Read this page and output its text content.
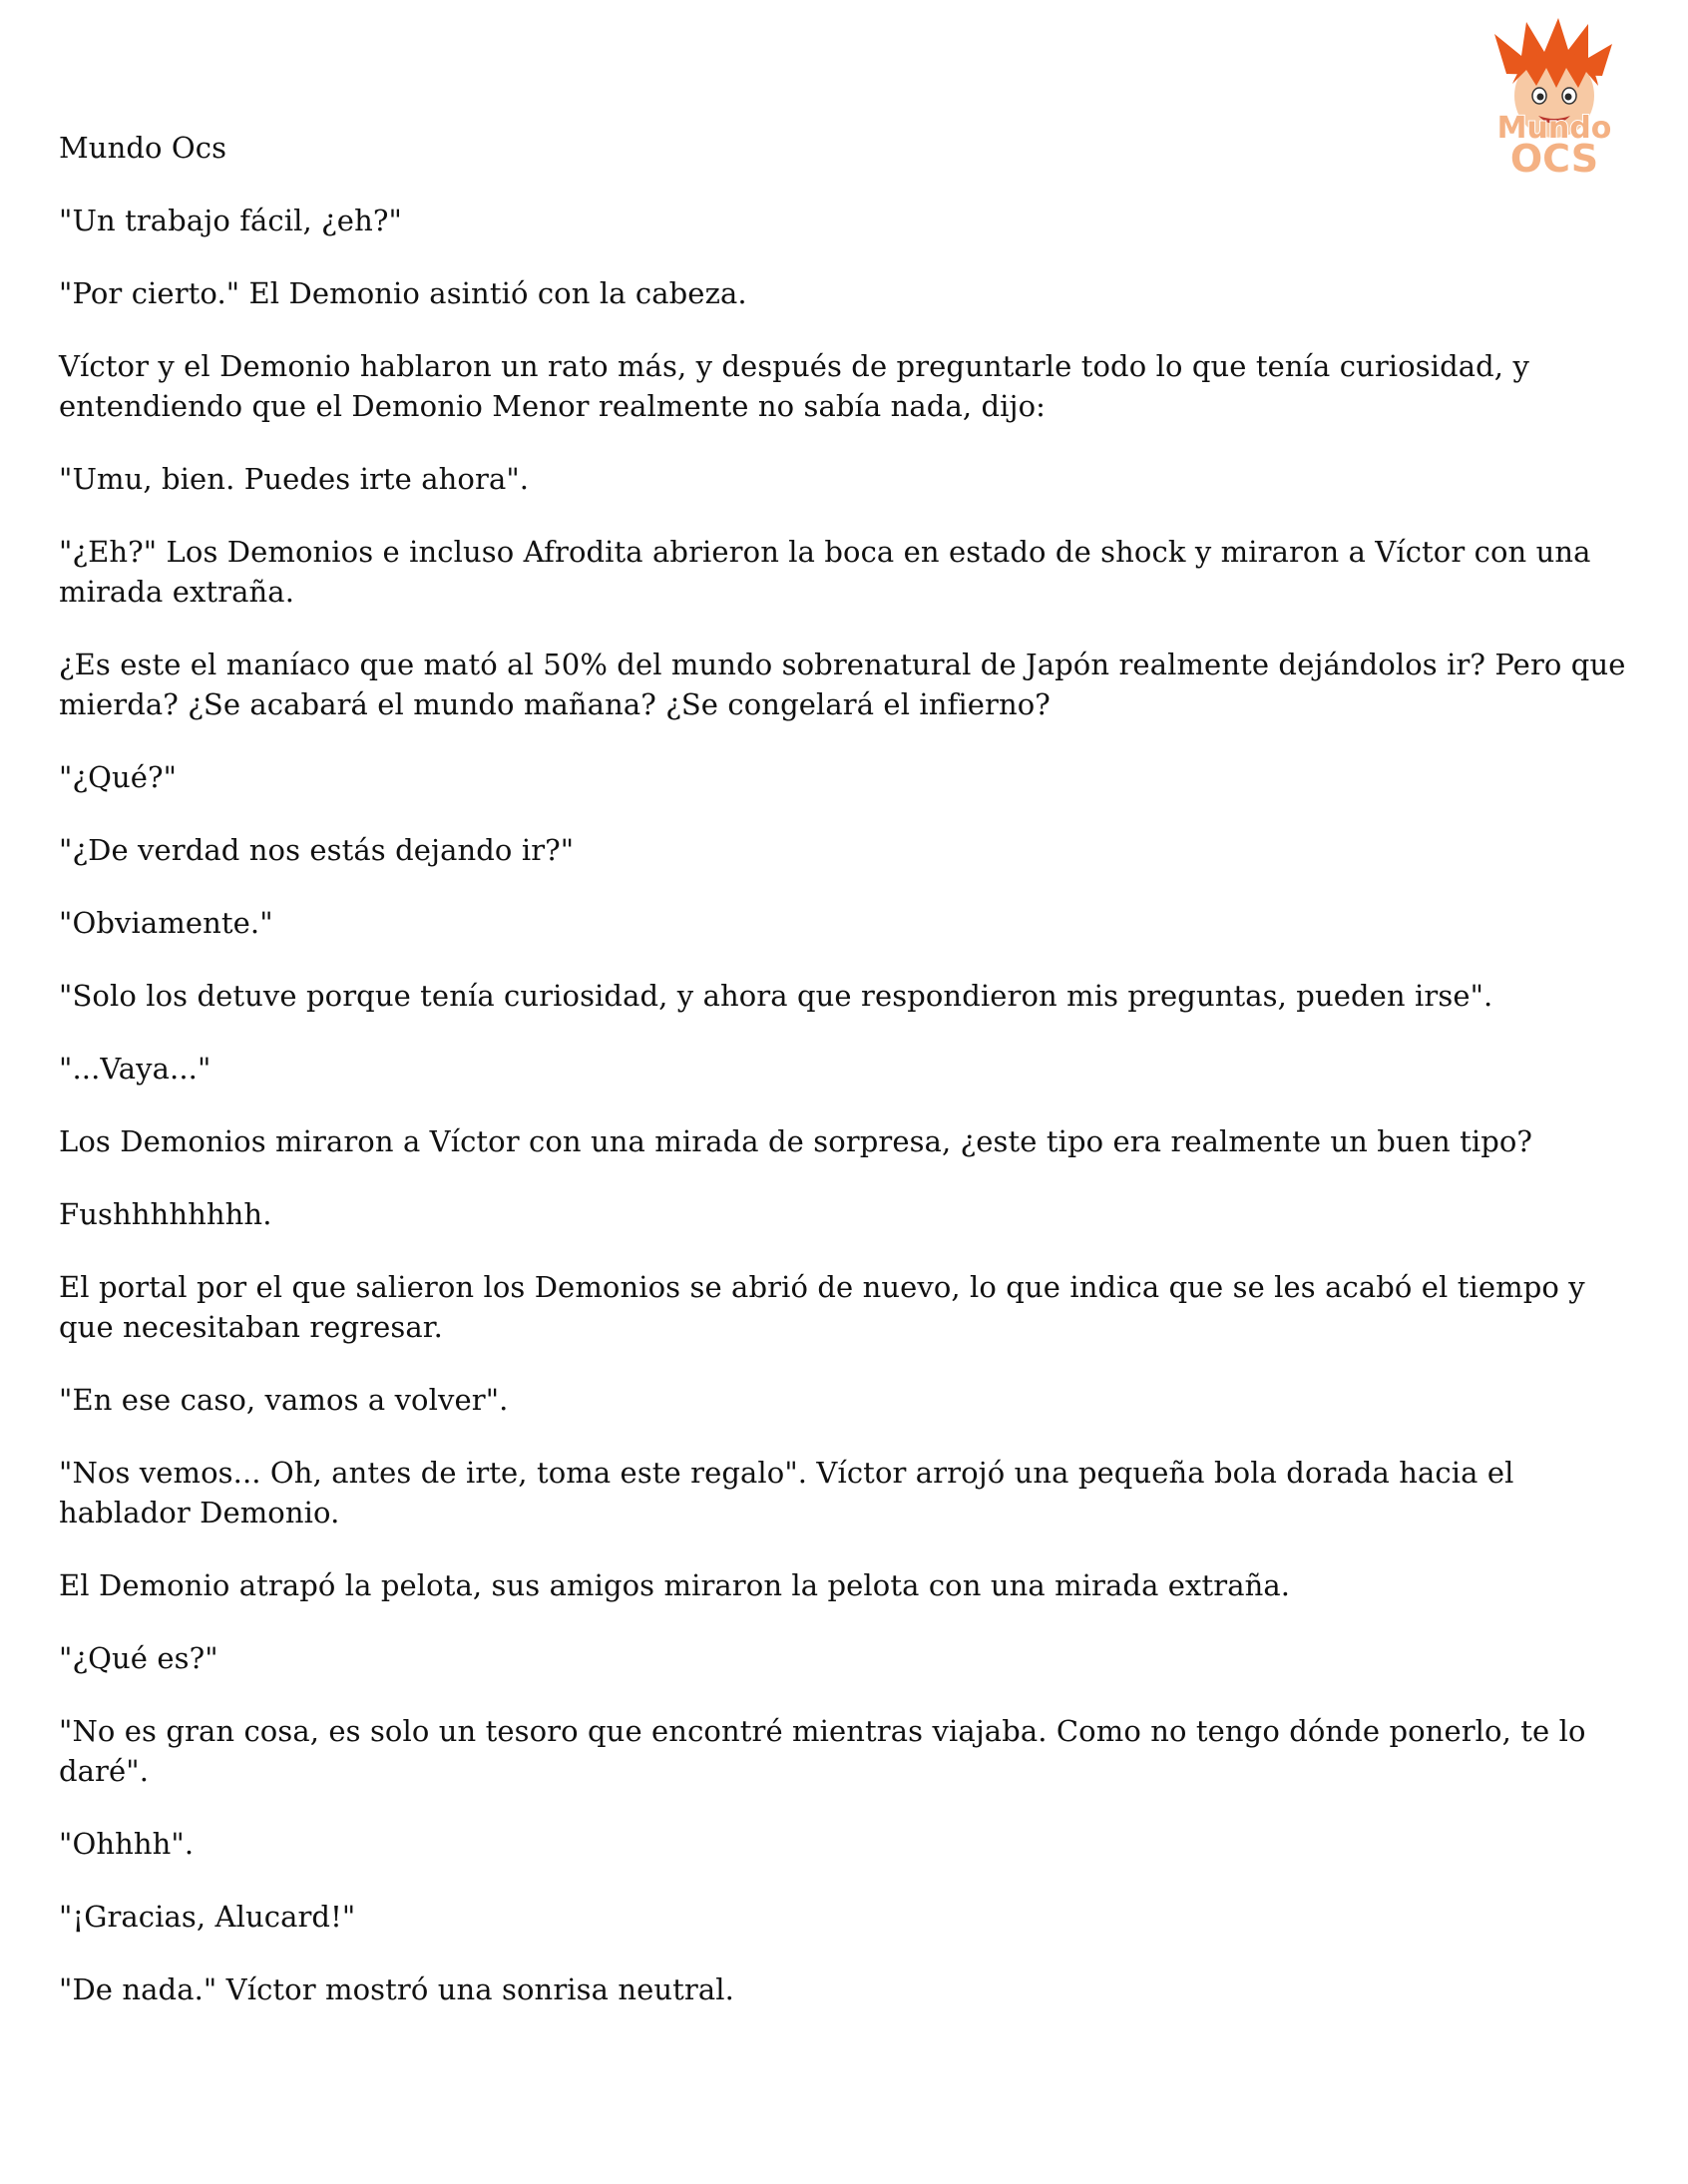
Mundo
OCS

Mundo Ocs

"Un trabajo fácil, ¿eh?"

"Por cierto." El Demonio asintió con la cabeza.

Víctor y el Demonio hablaron un rato más, y después de preguntarle todo lo que tenía curiosidad, y entendiendo que el Demonio Menor realmente no sabía nada, dijo:

"Umu, bien. Puedes irte ahora".

"¿Eh?" Los Demonios e incluso Afrodita abrieron la boca en estado de shock y miraron a Víctor con una mirada extraña.

¿Es este el maníaco que mató al 50% del mundo sobrenatural de Japón realmente dejándolos ir? Pero que mierda? ¿Se acabará el mundo mañana? ¿Se congelará el infierno?

"¿Qué?"

"¿De verdad nos estás dejando ir?"

"Obviamente."

"Solo los detuve porque tenía curiosidad, y ahora que respondieron mis preguntas, pueden irse".

"...Vaya..."

Los Demonios miraron a Víctor con una mirada de sorpresa, ¿este tipo era realmente un buen tipo?

Fushhhhhhhh.

El portal por el que salieron los Demonios se abrió de nuevo, lo que indica que se les acabó el tiempo y que necesitaban regresar.

"En ese caso, vamos a volver".

"Nos vemos... Oh, antes de irte, toma este regalo". Víctor arrojó una pequeña bola dorada hacia el hablador Demonio.

El Demonio atrapó la pelota, sus amigos miraron la pelota con una mirada extraña.

"¿Qué es?"

"No es gran cosa, es solo un tesoro que encontré mientras viajaba. Como no tengo dónde ponerlo, te lo daré".

"Ohhhh".

"¡Gracias, Alucard!"

"De nada." Víctor mostró una sonrisa neutral.
